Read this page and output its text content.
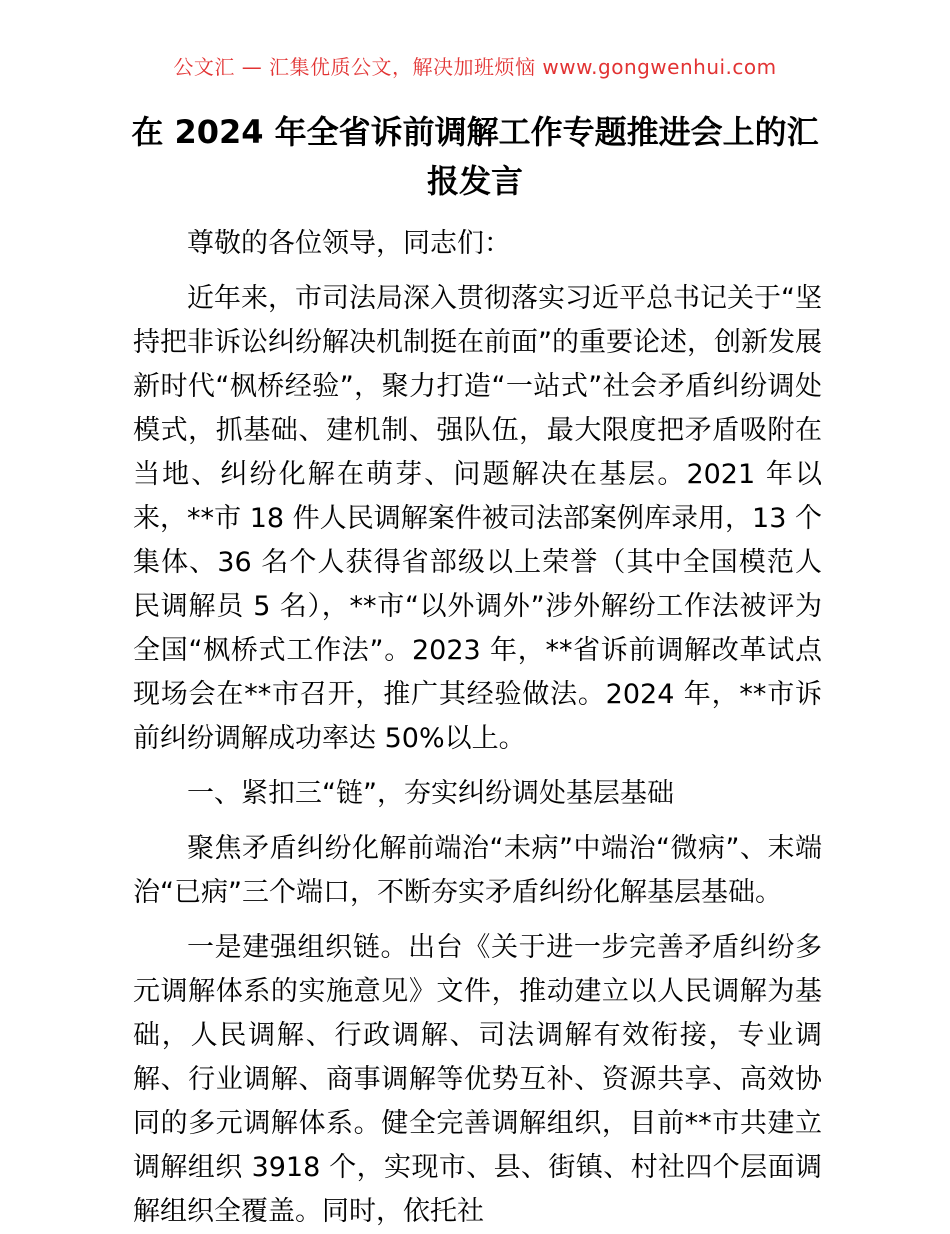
公文汇 — 汇集优质公文，解决加班烦恼 www.gongwenhui.com
在 2024 年全省诉前调解工作专题推进会上的汇报发言

尊敬的各位领导，同志们：

近年来，市司法局深入贯彻落实习近平总书记关于“坚持把非诉讼纠纷解决机制挺在前面”的重要论述，创新发展新时代“枫桥经验”，聚力打造“一站式”社会矛盾纠纷调处模式，抓基础、建机制、强队伍，最大限度把矛盾吸附在当地、纠纷化解在萌芽、问题解决在基层。2021 年以来，**市 18 件人民调解案件被司法部案例库录用，13 个集体、36 名个人获得省部级以上荣誉（其中全国模范人民调解员 5 名），**市“以外调外”涉外解纷工作法被评为全国“枫桥式工作法”。2023 年，**省诉前调解改革试点现场会在**市召开，推广其经验做法。2024 年，**市诉前纠纷调解成功率达 50%以上。

一、紧扣三“链”，夯实纠纷调处基层基础

聚焦矛盾纠纷化解前端治“未病”中端治“微病”、末端治“已病”三个端口，不断夯实矛盾纠纷化解基层基础。

一是建强组织链。出台《关于进一步完善矛盾纠纷多元调解体系的实施意见》文件，推动建立以人民调解为基础，人民调解、行政调解、司法调解有效衔接，专业调解、行业调解、商事调解等优势互补、资源共享、高效协同的多元调解体系。健全完善调解组织，目前**市共建立调解组织 3918 个，实现市、县、街镇、村社四个层面调解组织全覆盖。同时，依托社
